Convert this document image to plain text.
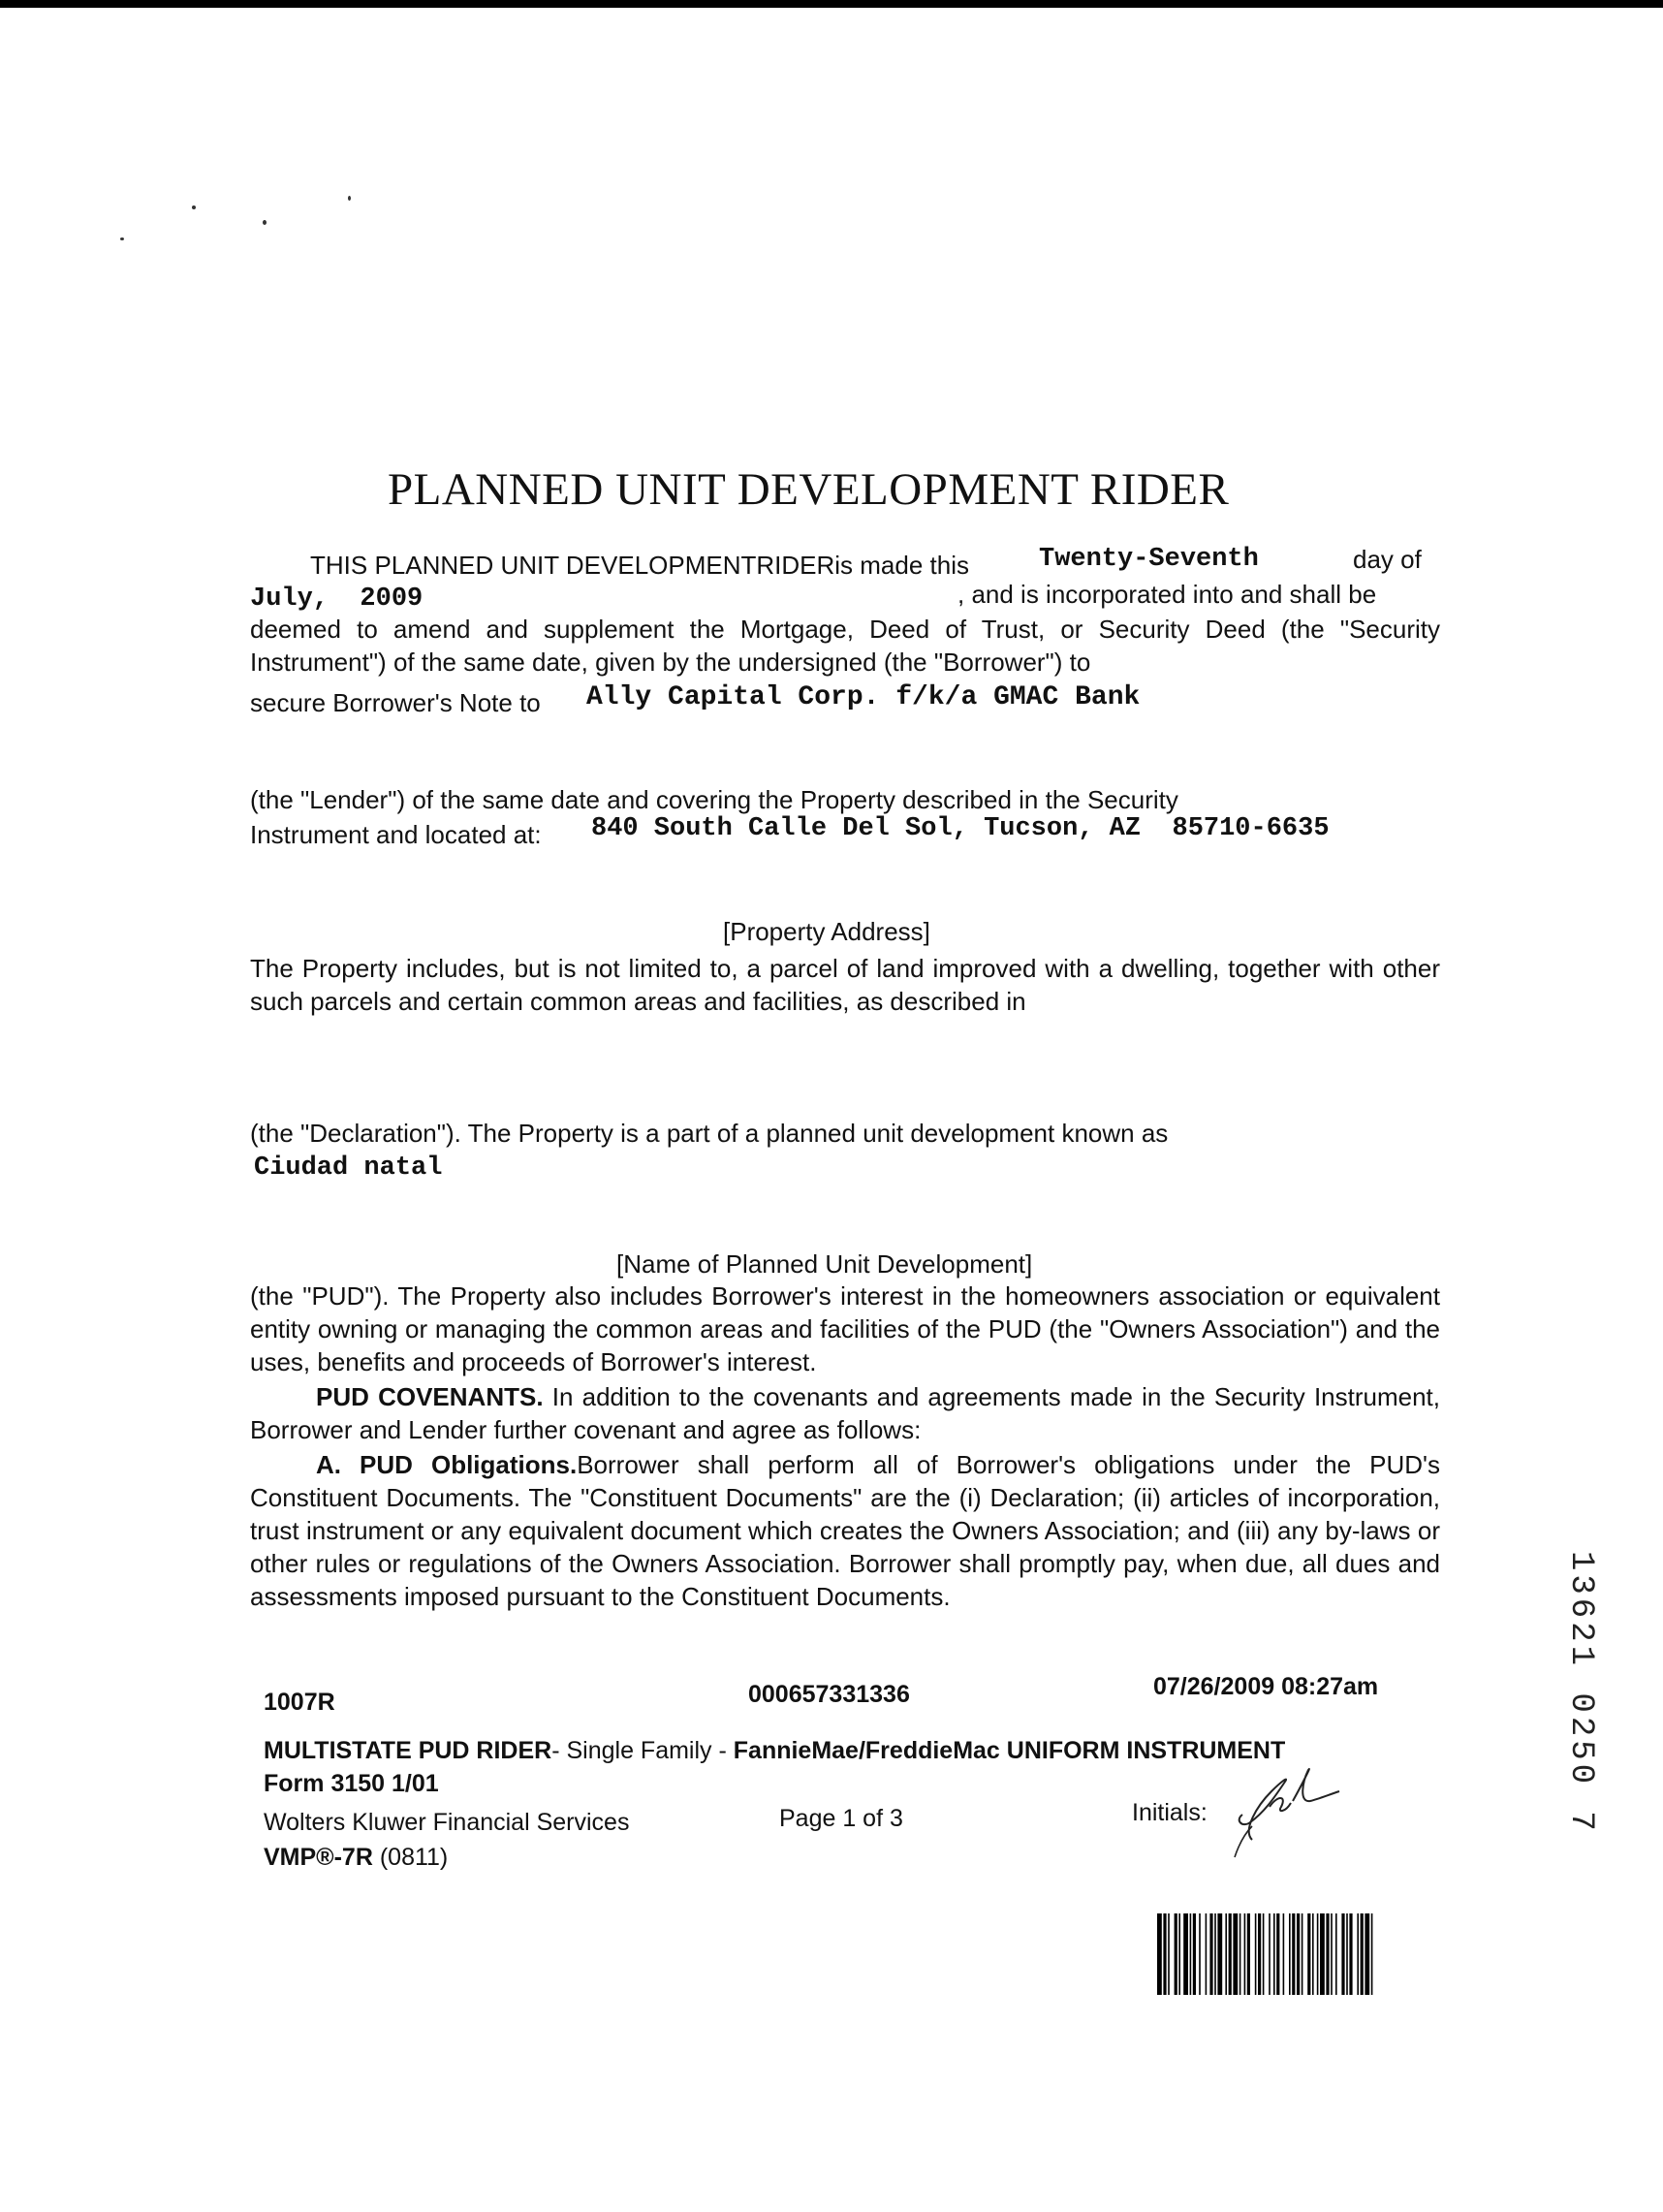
PLANNED UNIT DEVELOPMENT RIDER
THIS PLANNED UNIT DEVELOPMENTRIDERis made this	Twenty-Seventh	day of
July,  2009	, and is incorporated into and shall be
deemed to amend and supplement the Mortgage, Deed of Trust, or Security Deed (the "Security Instrument") of the same date, given by the undersigned (the "Borrower") to
secure Borrower's Note to Ally Capital Corp. f/k/a GMAC Bank
(the "Lender") of the same date and covering the Property described in the Security
Instrument and located at: 840 South Calle Del Sol, Tucson, AZ  85710-6635
[Property Address]
The Property includes, but is not limited to, a parcel of land improved with a dwelling, together with other such parcels and certain common areas and facilities, as described in
(the "Declaration"). The Property is a part of a planned unit development known as
Ciudad natal
[Name of Planned Unit Development]
(the "PUD"). The Property also includes Borrower's interest in the homeowners association or equivalent entity owning or managing the common areas and facilities of the PUD (the "Owners Association") and the uses, benefits and proceeds of Borrower's interest.
PUD COVENANTS. In addition to the covenants and agreements made in the Security Instrument, Borrower and Lender further covenant and agree as follows:
A. PUD Obligations.Borrower shall perform all of Borrower's obligations under the PUD's Constituent Documents. The "Constituent Documents" are the (i) Declaration; (ii) articles of incorporation, trust instrument or any equivalent document which creates the Owners Association; and (iii) any by-laws or other rules or regulations of the Owners Association. Borrower shall promptly pay, when due, all dues and assessments imposed pursuant to the Constituent Documents.
1007R	000657331336	07/26/2009 08:27am
MULTISTATE PUD RIDER- Single Family - FannieMae/FreddieMac UNIFORM INSTRUMENT
Form 3150 1/01
Wolters Kluwer Financial Services
VMP®-7R (0811)
Page 1 of 3	Initials:	13621 0250 7
